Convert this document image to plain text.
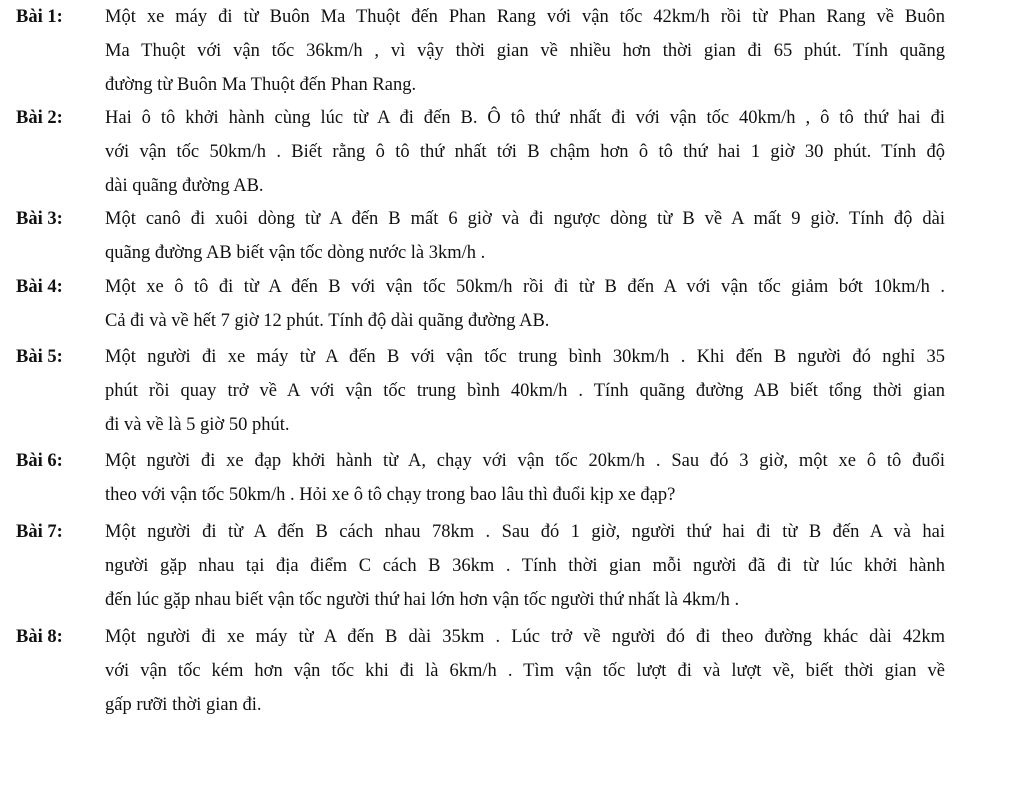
Bài 1: Một xe máy đi từ Buôn Ma Thuột đến Phan Rang với vận tốc 42km/h rồi từ Phan Rang về Buôn
Ma Thuột với vận tốc 36km/h , vì vậy thời gian về nhiều hơn thời gian đi 65 phút. Tính quãng
đường từ Buôn Ma Thuột đến Phan Rang.
Bài 2: Hai ô tô khởi hành cùng lúc từ A đi đến B. Ô tô thứ nhất đi với vận tốc 40km/h , ô tô thứ hai đi
với vận tốc 50km/h . Biết rằng ô tô thứ nhất tới B chậm hơn ô tô thứ hai 1 giờ 30 phút. Tính độ
dài quãng đường AB.
Bài 3: Một canô đi xuôi dòng từ A đến B mất 6 giờ và đi ngược dòng từ B về A mất 9 giờ. Tính độ dài
quãng đường AB biết vận tốc dòng nước là 3km/h .
Bài 4: Một xe ô tô đi từ A đến B với vận tốc 50km/h rồi đi từ B đến A với vận tốc giảm bớt 10km/h .
Cả đi và về hết 7 giờ 12 phút. Tính độ dài quãng đường AB.
Bài 5: Một người đi xe máy từ A đến B với vận tốc trung bình 30km/h . Khi đến B người đó nghỉ 35
phút rồi quay trở về A với vận tốc trung bình 40km/h . Tính quãng đường AB biết tổng thời gian
đi và về là 5 giờ 50 phút.
Bài 6: Một người đi xe đạp khởi hành từ A, chạy với vận tốc 20km/h . Sau đó 3 giờ, một xe ô tô đuổi
theo với vận tốc 50km/h . Hỏi xe ô tô chạy trong bao lâu thì đuổi kịp xe đạp?
Bài 7: Một người đi từ A đến B cách nhau 78km . Sau đó 1 giờ, người thứ hai đi từ B đến A và hai
người gặp nhau tại địa điểm C cách B 36km . Tính thời gian mỗi người đã đi từ lúc khởi hành
đến lúc gặp nhau biết vận tốc người thứ hai lớn hơn vận tốc người thứ nhất là 4km/h .
Bài 8: Một người đi xe máy từ A đến B dài 35km . Lúc trở về người đó đi theo đường khác dài 42km
với vận tốc kém hơn vận tốc khi đi là 6km/h . Tìm vận tốc lượt đi và lượt về, biết thời gian về
gấp rưỡi thời gian đi.
